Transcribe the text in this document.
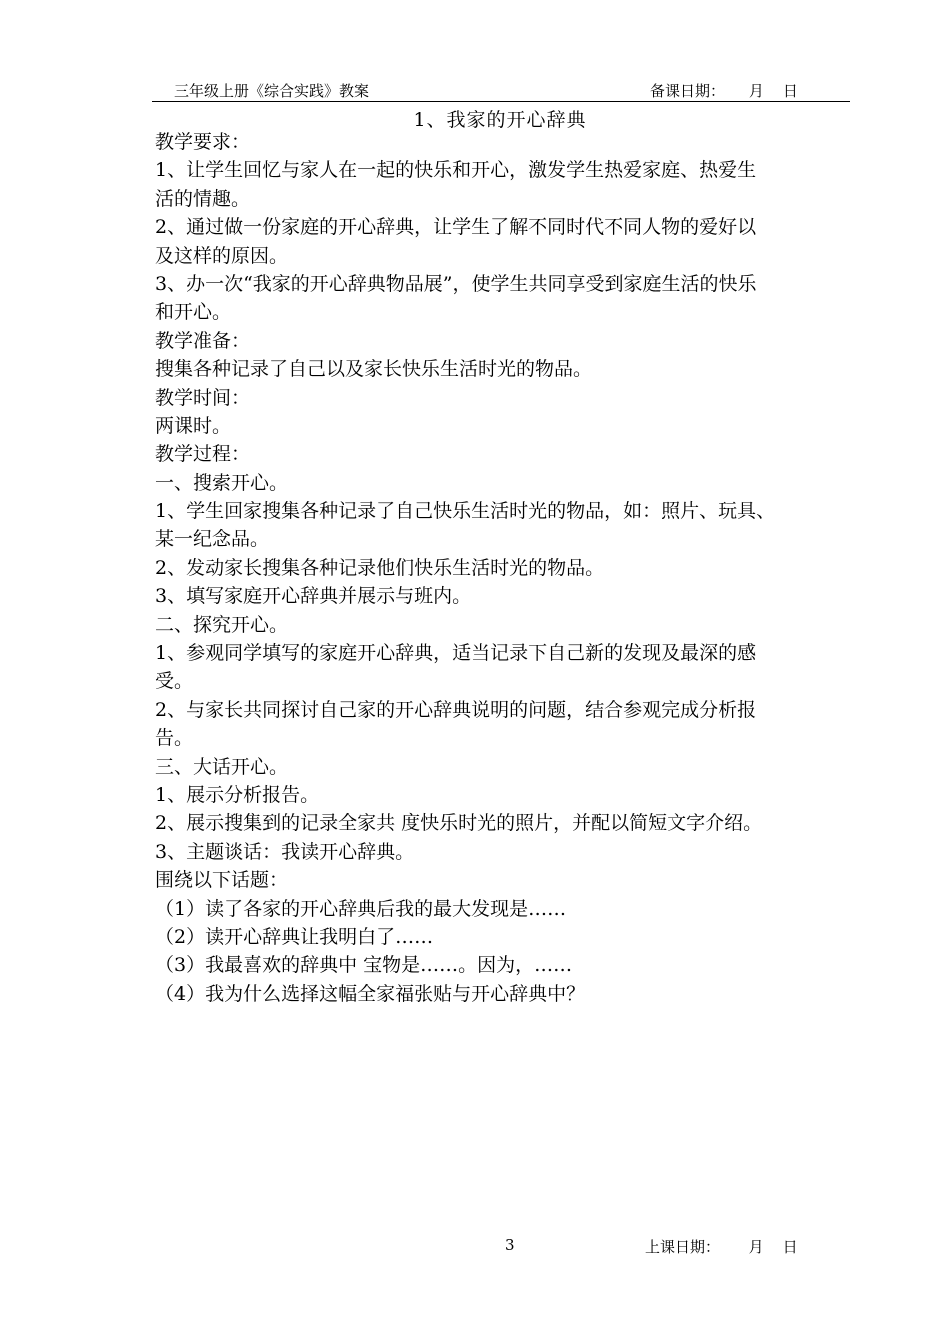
三年级上册《综合实践》教案	备课日期：     月    日
1、我家的开心辞典
教学要求：
1、让学生回忆与家人在一起的快乐和开心，激发学生热爱家庭、热爱生
活的情趣。
2、通过做一份家庭的开心辞典，让学生了解不同时代不同人物的爱好以
及这样的原因。
3、办一次“我家的开心辞典物品展”，使学生共同享受到家庭生活的快乐
和开心。
教学准备：
搜集各种记录了自己以及家长快乐生活时光的物品。
教学时间：
两课时。
教学过程：
一、搜索开心。
1、学生回家搜集各种记录了自己快乐生活时光的物品，如：照片、玩具、
某一纪念品。
2、发动家长搜集各种记录他们快乐生活时光的物品。
3、填写家庭开心辞典并展示与班内。
二、探究开心。
1、参观同学填写的家庭开心辞典，适当记录下自己新的发现及最深的感
受。
2、与家长共同探讨自己家的开心辞典说明的问题，结合参观完成分析报
告。
三、大话开心。
1、展示分析报告。
2、展示搜集到的记录全家共 度快乐时光的照片，并配以简短文字介绍。
3、主题谈话：我读开心辞典。
围绕以下话题：
（1）读了各家的开心辞典后我的最大发现是……
（2）读开心辞典让我明白了……
（3）我最喜欢的辞典中 宝物是……。因为，……
（4）我为什么选择这幅全家福张贴与开心辞典中？
3	上课日期：      月    日
